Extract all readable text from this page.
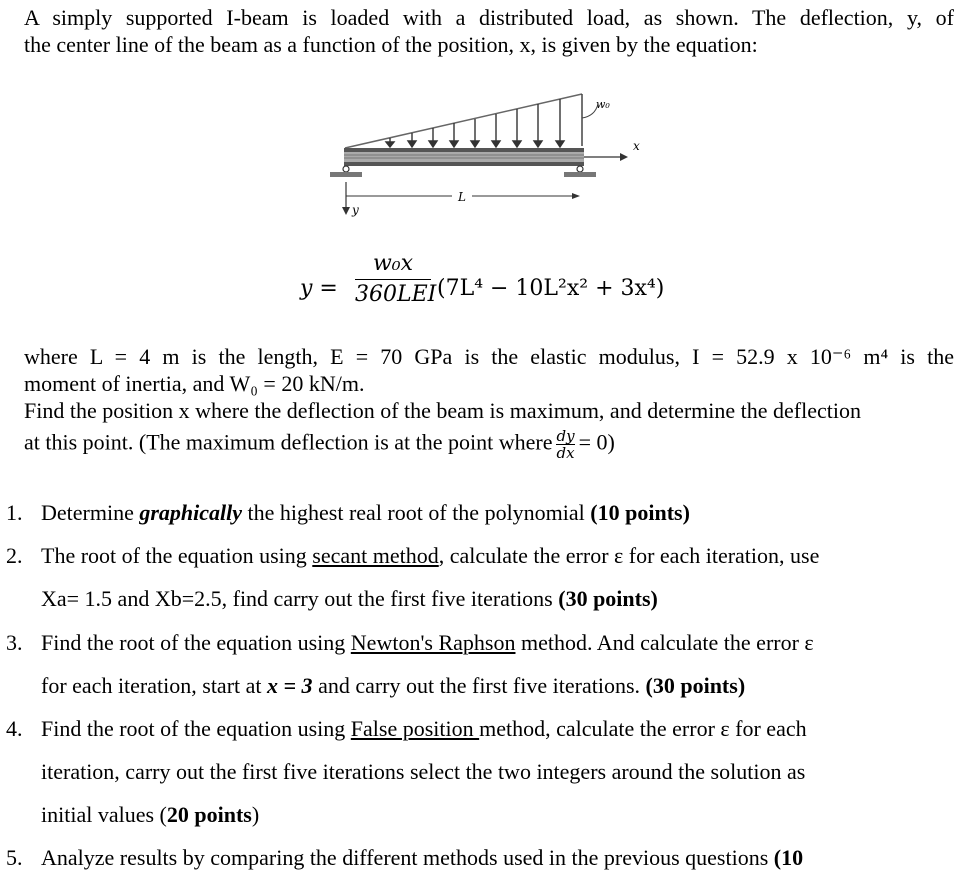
A simply supported I-beam is loaded with a distributed load, as shown. The deflection, y, of
the center line of the beam as a function of the position, x, is given by the equation:
x
w₀
L
y
y =
w₀x
360LEI (7L⁴ − 10L²x² + 3x⁴)
where L = 4 m is the length, E = 70 GPa is the elastic modulus, I = 52.9 x 10⁻⁶ m⁴ is the
moment of inertia, and W₀ = 20 kN/m.
Find the position x where the deflection of the beam is maximum, and determine the deflection
at this point. (The maximum deflection is at the point where $\frac{dy}{dx} = 0$)
1. Determine graphically the highest real root of the polynomial (10 points)
2. The root of the equation using secant method, calculate the error ε for each iteration, use
Xa= 1.5 and Xb=2.5, find carry out the first five iterations (30 points)
3. Find the root of the equation using Newton's Raphson method. And calculate the error ε
for each iteration, start at x = 3 and carry out the first five iterations. (30 points)
4. Find the root of the equation using False position method, calculate the error ε for each
iteration, carry out the first five iterations select the two integers around the solution as
initial values (20 points)
5. Analyze results by comparing the different methods used in the previous questions (10
